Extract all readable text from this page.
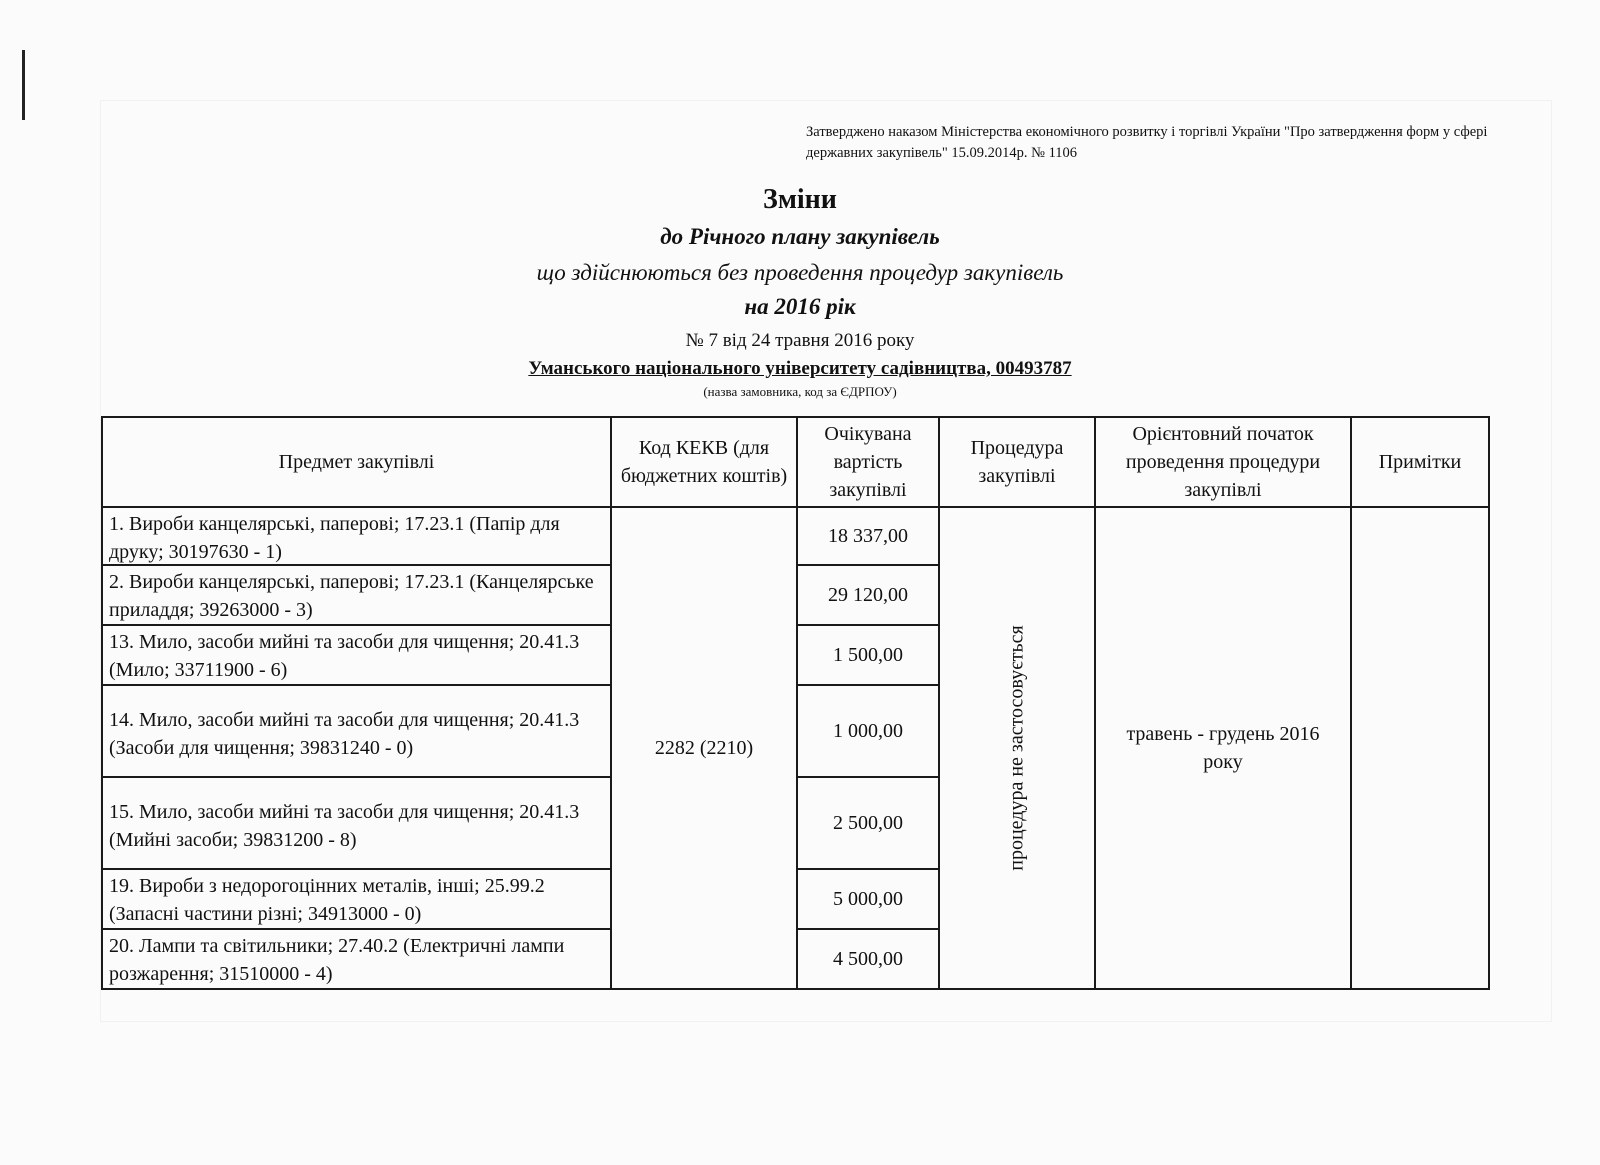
Затверджено наказом Міністерства економічного розвитку і торгівлі України "Про затвердження форм у сфері державних закупівель" 15.09.2014р. № 1106
Зміни
до Річного плану закупівель
що здійснюються без проведення процедур закупівель
на 2016 рік
№ 7 від 24 травня 2016 року
Уманського національного університету садівництва, 00493787
(назва замовника, код за ЄДРПОУ)
Предмет закупівлі
Код КЕКВ (для бюджетних коштів)
Очікувана вартість закупівлі
Процедура закупівлі
Орієнтовний початок проведення процедури закупівлі
Примітки
1. Вироби канцелярські, паперові; 17.23.1 (Папір для друку; 30197630 - 1)
18 337,00
2. Вироби канцелярські, паперові; 17.23.1 (Канцелярське приладдя; 39263000 - 3)
29 120,00
13. Мило, засоби мийні та засоби для чищення; 20.41.3 (Мило; 33711900 - 6)
1 500,00
14. Мило, засоби мийні та засоби для чищення; 20.41.3 (Засоби для чищення; 39831240 - 0)
1 000,00
15. Мило, засоби мийні та засоби для чищення; 20.41.3 (Мийні засоби; 39831200 - 8)
2 500,00
19. Вироби з недорогоцінних металів, інші; 25.99.2 (Запасні частини різні; 34913000 - 0)
5 000,00
20. Лампи та світильники; 27.40.2 (Електричні лампи розжарення; 31510000 - 4)
4 500,00
2282 (2210)	процедура не застосовується	травень - грудень 2016 року
